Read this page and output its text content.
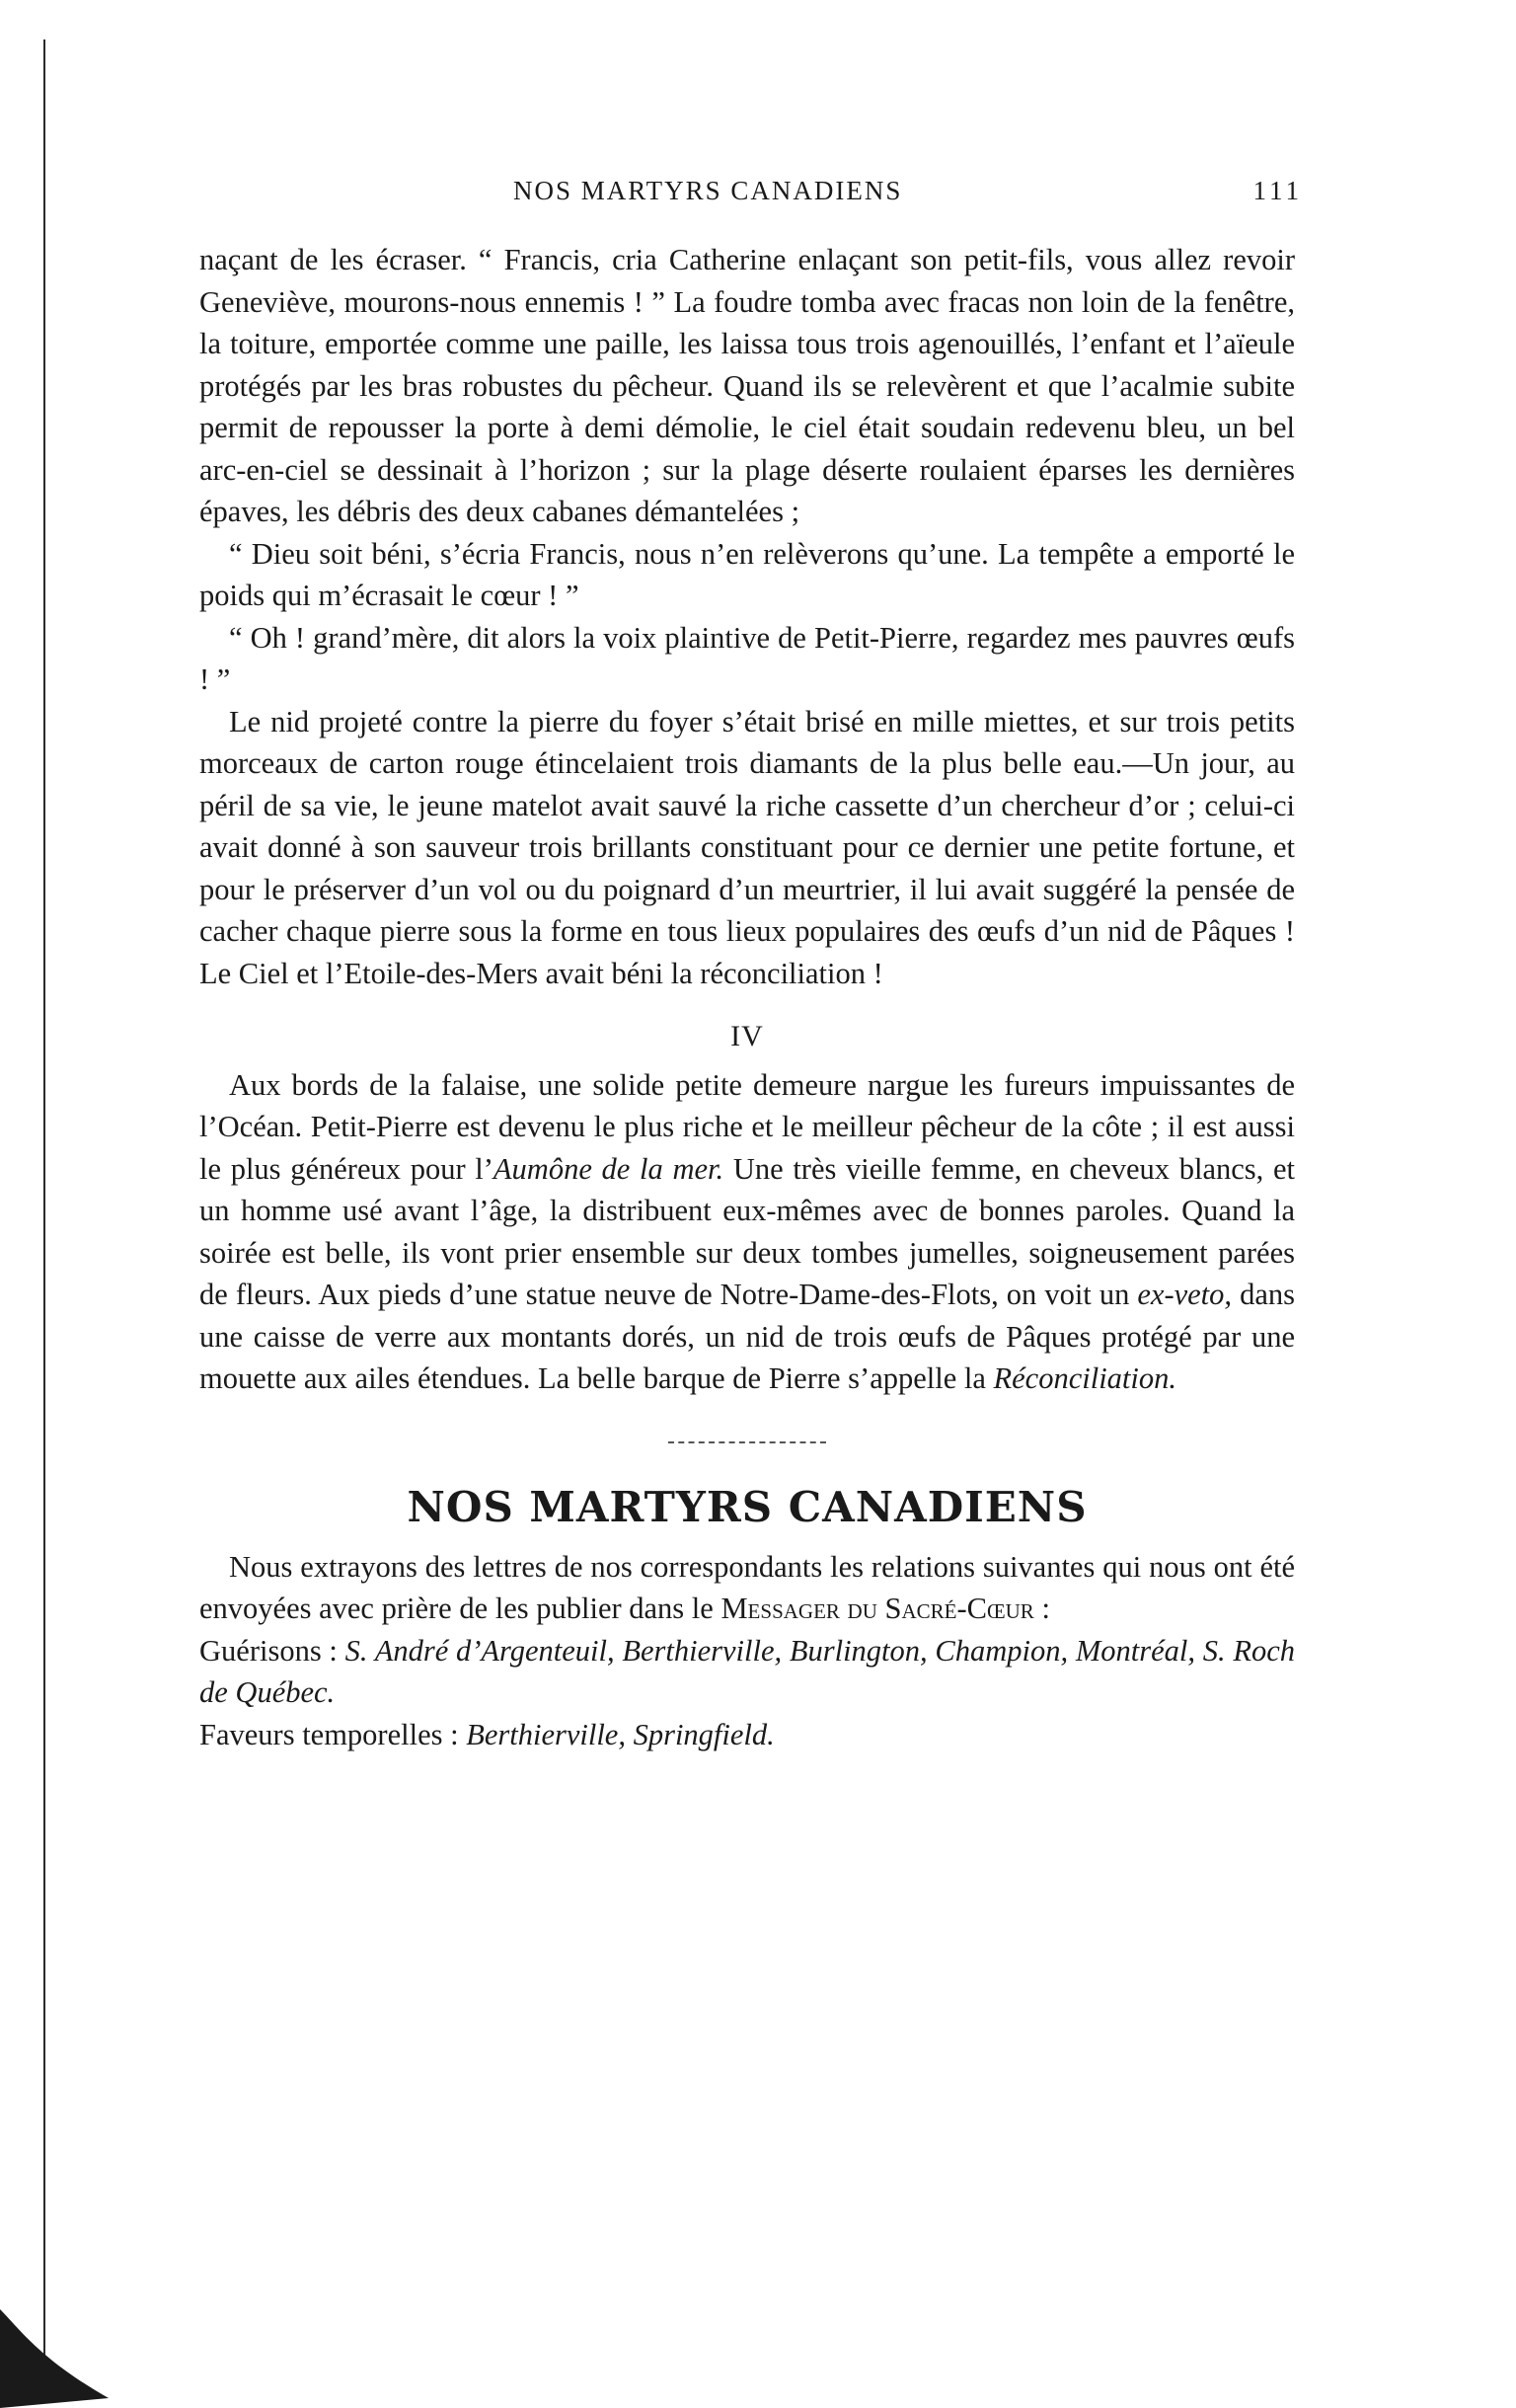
NOS MARTYRS CANADIENS	111

naçant de les écraser. “ Francis, cria Catherine enlaçant son petit-fils, vous allez revoir Geneviève, mourons-nous ennemis ! ” La foudre tomba avec fracas non loin de la fenêtre, la toiture, emportée comme une paille, les laissa tous trois agenouillés, l’enfant et l’aïeule protégés par les bras robustes du pêcheur. Quand ils se relevèrent et que l’acalmie subite permit de repousser la porte à demi démolie, le ciel était soudain redevenu bleu, un bel arc-en-ciel se dessinait à l’horizon ; sur la plage déserte roulaient éparses les dernières épaves, les débris des deux cabanes démantelées ;

“ Dieu soit béni, s’écria Francis, nous n’en relèverons qu’une. La tempête a emporté le poids qui m’écrasait le cœur ! ”

“ Oh ! grand’mère, dit alors la voix plaintive de Petit-Pierre, regardez mes pauvres œufs ! ”

Le nid projeté contre la pierre du foyer s’était brisé en mille miettes, et sur trois petits morceaux de carton rouge étincelaient trois diamants de la plus belle eau.—Un jour, au péril de sa vie, le jeune matelot avait sauvé la riche cassette d’un chercheur d’or ; celui-ci avait donné à son sauveur trois brillants constituant pour ce dernier une petite fortune, et pour le préserver d’un vol ou du poignard d’un meurtrier, il lui avait suggéré la pensée de cacher chaque pierre sous la forme en tous lieux populaires des œufs d’un nid de Pâques ! Le Ciel et l’Etoile-des-Mers avait béni la réconciliation !

IV

Aux bords de la falaise, une solide petite demeure nargue les fureurs impuissantes de l’Océan. Petit-Pierre est devenu le plus riche et le meilleur pêcheur de la côte ; il est aussi le plus généreux pour l’Aumône de la mer. Une très vieille femme, en cheveux blancs, et un homme usé avant l’âge, la distribuent eux-mêmes avec de bonnes paroles. Quand la soirée est belle, ils vont prier ensemble sur deux tombes jumelles, soigneusement parées de fleurs. Aux pieds d’une statue neuve de Notre-Dame-des-Flots, on voit un ex-veto, dans une caisse de verre aux montants dorés, un nid de trois œufs de Pâques protégé par une mouette aux ailes étendues. La belle barque de Pierre s’appelle la Réconciliation.

NOS MARTYRS CANADIENS

Nous extrayons des lettres de nos correspondants les relations suivantes qui nous ont été envoyées avec prière de les publier dans le Messager du Sacré-Cœur :

Guérisons : S. André d’Argenteuil, Berthierville, Burlington, Champion, Montréal, S. Roch de Québec.

Faveurs temporelles : Berthierville, Springfield.
